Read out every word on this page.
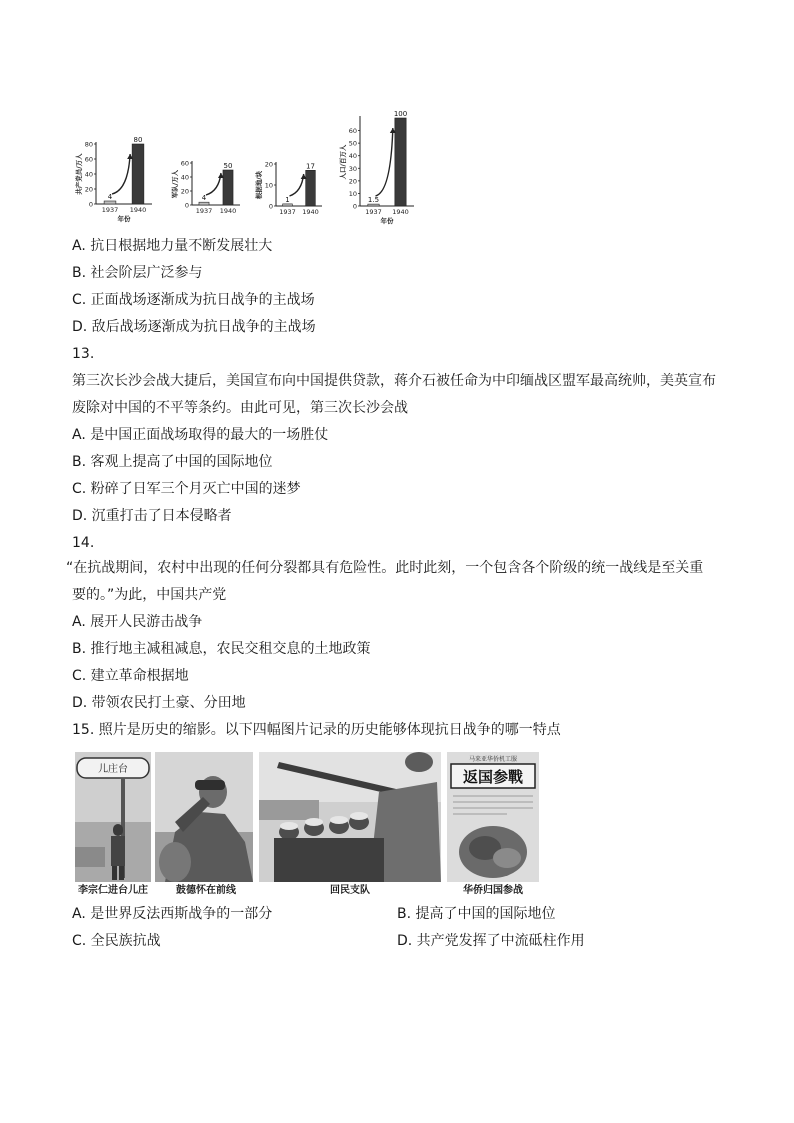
0
20
40
60
80
共产党员/万人
4
1937
80
1940
年份
0
20
40
60
军队/万人
4
1937
50
1940
0
10
20
根据地/块
1
1937
17
1940
0
10
20
30
40
50
60
人口/百万人
1.5
1937
100
1940
年份
A. 抗日根据地力量不断发展壮大
B. 社会阶层广泛参与
C. 正面战场逐渐成为抗日战争的主战场
D. 敌后战场逐渐成为抗日战争的主战场
13.
第三次长沙会战大捷后，美国宣布向中国提供贷款，蒋介石被任命为中印缅战区盟军最高统帅，美英宣布
废除对中国的不平等条约。由此可见，第三次长沙会战
A. 是中国正面战场取得的最大的一场胜仗
B. 客观上提高了中国的国际地位
C. 粉碎了日军三个月灭亡中国的迷梦
D. 沉重打击了日本侵略者
14.
“在抗战期间，农村中出现的任何分裂都具有危险性。此时此刻，一个包含各个阶级的统一战线是至关重
要的。”为此，中国共产党
A. 展开人民游击战争
B. 推行地主减租减息，农民交租交息的土地政策
C. 建立革命根据地
D. 带领农民打土豪、分田地
15. 照片是历史的缩影。以下四幅图片记录的历史能够体现抗日战争的哪一特点
儿庄台
李宗仁进台儿庄	鼓德怀在前线	回民支队
马来亚华侨机工服
返国参戰
华侨归国参战
A. 是世界反法西斯战争的一部分	B. 提高了中国的国际地位
C. 全民族抗战	D. 共产党发挥了中流砥柱作用
